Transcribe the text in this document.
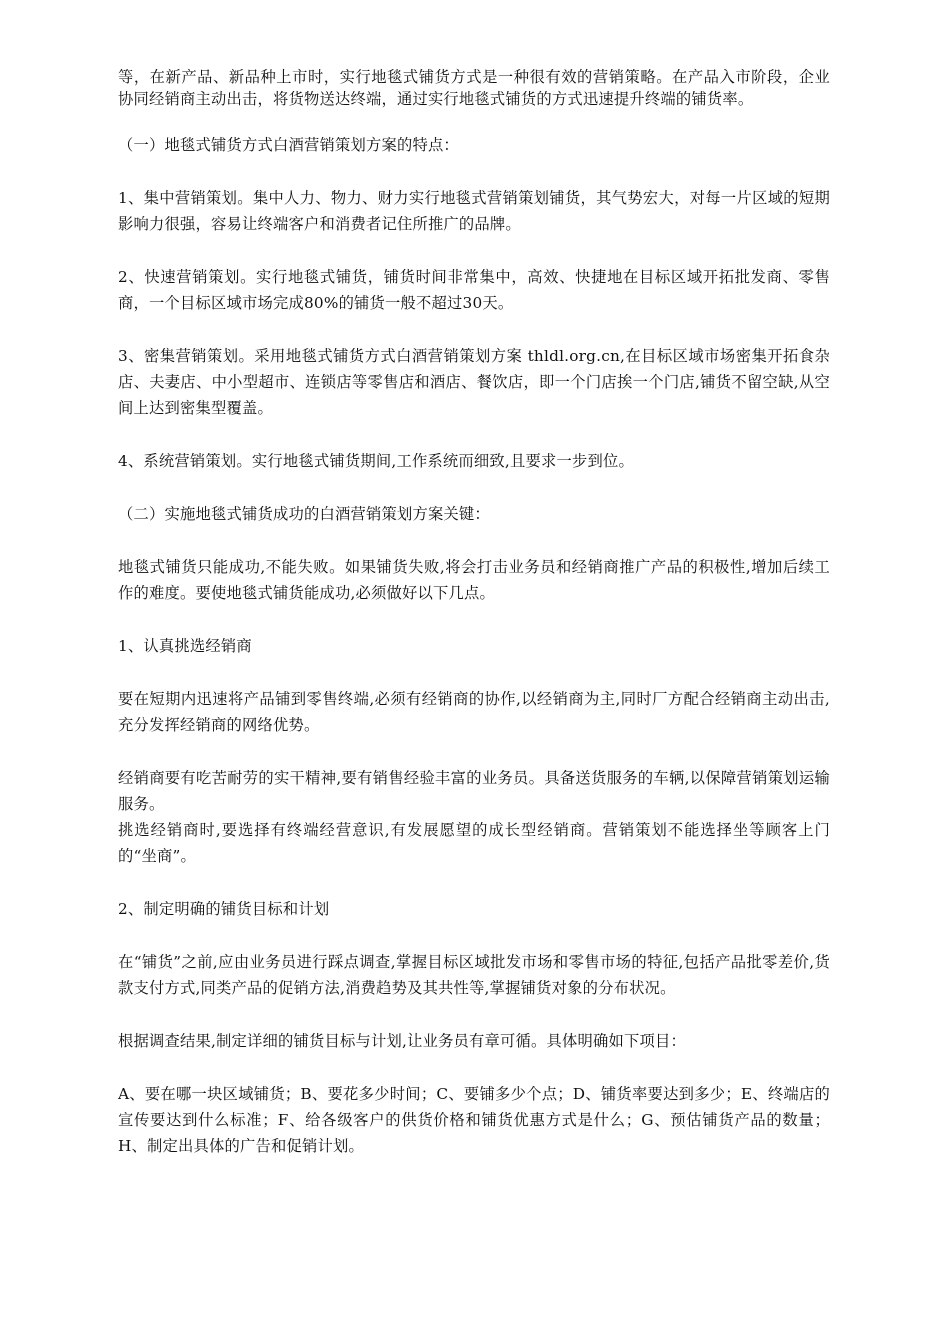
等，在新产品、新品种上市时，实行地毯式铺货方式是一种很有效的营销策略。在产品入市阶段，企业协同经销商主动出击，将货物送达终端，通过实行地毯式铺货的方式迅速提升终端的铺货率。

（一）地毯式铺货方式白酒营销策划方案的特点：

1、集中营销策划。集中人力、物力、财力实行地毯式营销策划铺货，其气势宏大，对每一片区域的短期影响力很强，容易让终端客户和消费者记住所推广的品牌。

2、快速营销策划。实行地毯式铺货，铺货时间非常集中，高效、快捷地在目标区域开拓批发商、零售商，一个目标区域市场完成80%的铺货一般不超过30天。

3、密集营销策划。采用地毯式铺货方式白酒营销策划方案 thldl.org.cn,在目标区域市场密集开拓食杂店、夫妻店、中小型超市、连锁店等零售店和酒店、餐饮店，即一个门店挨一个门店,铺货不留空缺,从空间上达到密集型覆盖。

4、系统营销策划。实行地毯式铺货期间,工作系统而细致,且要求一步到位。

（二）实施地毯式铺货成功的白酒营销策划方案关键：

地毯式铺货只能成功,不能失败。如果铺货失败,将会打击业务员和经销商推广产品的积极性,增加后续工作的难度。要使地毯式铺货能成功,必须做好以下几点。

1、认真挑选经销商

要在短期内迅速将产品铺到零售终端,必须有经销商的协作,以经销商为主,同时厂方配合经销商主动出击,充分发挥经销商的网络优势。

经销商要有吃苦耐劳的实干精神,要有销售经验丰富的业务员。具备送货服务的车辆,以保障营销策划运输服务。

挑选经销商时,要选择有终端经营意识,有发展愿望的成长型经销商。营销策划不能选择坐等顾客上门的“坐商”。

2、制定明确的铺货目标和计划

在“铺货”之前,应由业务员进行踩点调查,掌握目标区域批发市场和零售市场的特征,包括产品批零差价,货款支付方式,同类产品的促销方法,消费趋势及其共性等,掌握铺货对象的分布状况。

根据调查结果,制定详细的铺货目标与计划,让业务员有章可循。具体明确如下项目：

A、要在哪一块区域铺货；B、要花多少时间；C、要铺多少个点；D、铺货率要达到多少；E、终端店的宣传要达到什么标准；F、给各级客户的供货价格和铺货优惠方式是什么；G、预估铺货产品的数量；H、制定出具体的广告和促销计划。
